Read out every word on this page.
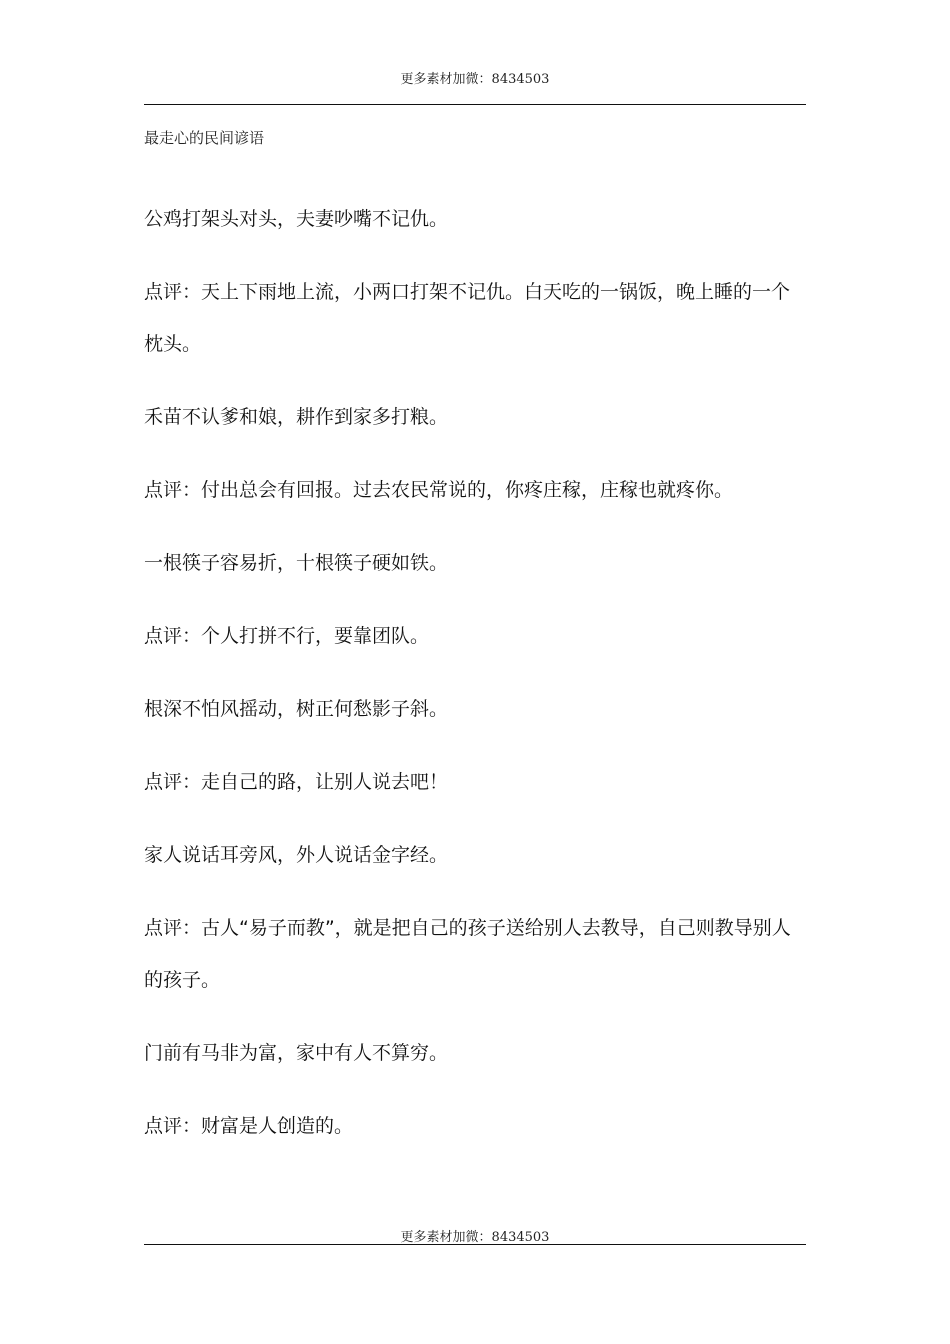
更多素材加微：8434503
最走心的民间谚语

公鸡打架头对头，夫妻吵嘴不记仇。

点评：天上下雨地上流，小两口打架不记仇。白天吃的一锅饭，晚上睡的一个枕头。

禾苗不认爹和娘，耕作到家多打粮。

点评：付出总会有回报。过去农民常说的，你疼庄稼，庄稼也就疼你。

一根筷子容易折，十根筷子硬如铁。

点评：个人打拼不行，要靠团队。

根深不怕风摇动，树正何愁影子斜。

点评：走自己的路，让别人说去吧！

家人说话耳旁风，外人说话金字经。

点评：古人“易子而教”，就是把自己的孩子送给别人去教导，自己则教导别人的孩子。

门前有马非为富，家中有人不算穷。

点评：财富是人创造的。

更多素材加微：8434503
